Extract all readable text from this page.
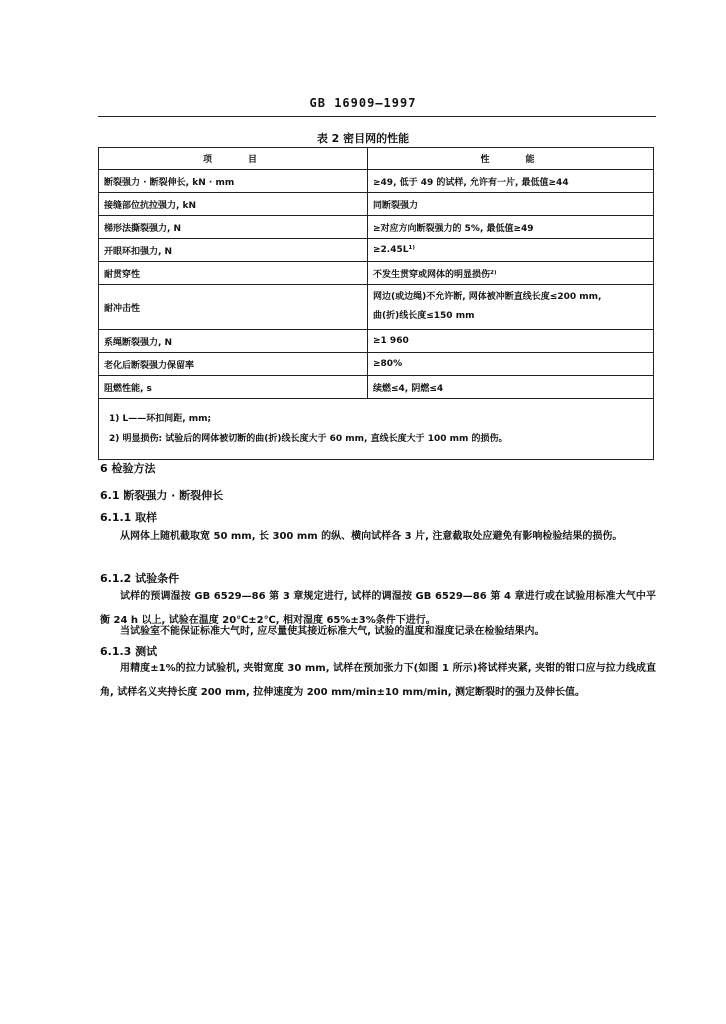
GB 16909—1997
表 2 密目网的性能
项　　目	性　　能
断裂强力 · 断裂伸长, kN · mm	≥49, 低于 49 的试样, 允许有一片, 最低值≥44
接缝部位抗拉强力, kN	同断裂强力
梯形法撕裂强力, N	≥对应方向断裂强力的 5%, 最低值≥49
开眼环扣强力, N	≥2.45L¹⁾
耐贯穿性	不发生贯穿或网体的明显损伤²⁾
耐冲击性	网边(或边绳)不允许断, 网体被冲断直线长度≤200 mm,
曲(折)线长度≤150 mm

系绳断裂强力, N	≥1 960
老化后断裂强力保留率	≥80%
阻燃性能, s	续燃≤4, 阴燃≤4

1) L——环扣间距, mm;
2) 明显损伤: 试验后的网体被切断的曲(折)线长度大于 60 mm, 直线长度大于 100 mm 的损伤。	
6 检验方法
6.1 断裂强力 · 断裂伸长
6.1.1 取样
从网体上随机截取宽 50 mm, 长 300 mm 的纵、横向试样各 3 片, 注意截取处应避免有影响检验结果的损伤。
6.1.2 试验条件
试样的预调湿按 GB 6529—86 第 3 章规定进行, 试样的调湿按 GB 6529—86 第 4 章进行或在试验用标准大气中平衡 24 h 以上, 试验在温度 20℃±2℃, 相对湿度 65%±3%条件下进行。
当试验室不能保证标准大气时, 应尽量使其接近标准大气, 试验的温度和湿度记录在检验结果内。
6.1.3 测试
用精度±1%的拉力试验机, 夹钳宽度 30 mm, 试样在预加张力下(如图 1 所示)将试样夹紧, 夹钳的钳口应与拉力线成直角, 试样名义夹持长度 200 mm, 拉伸速度为 200 mm/min±10 mm/min, 测定断裂时的强力及伸长值。
